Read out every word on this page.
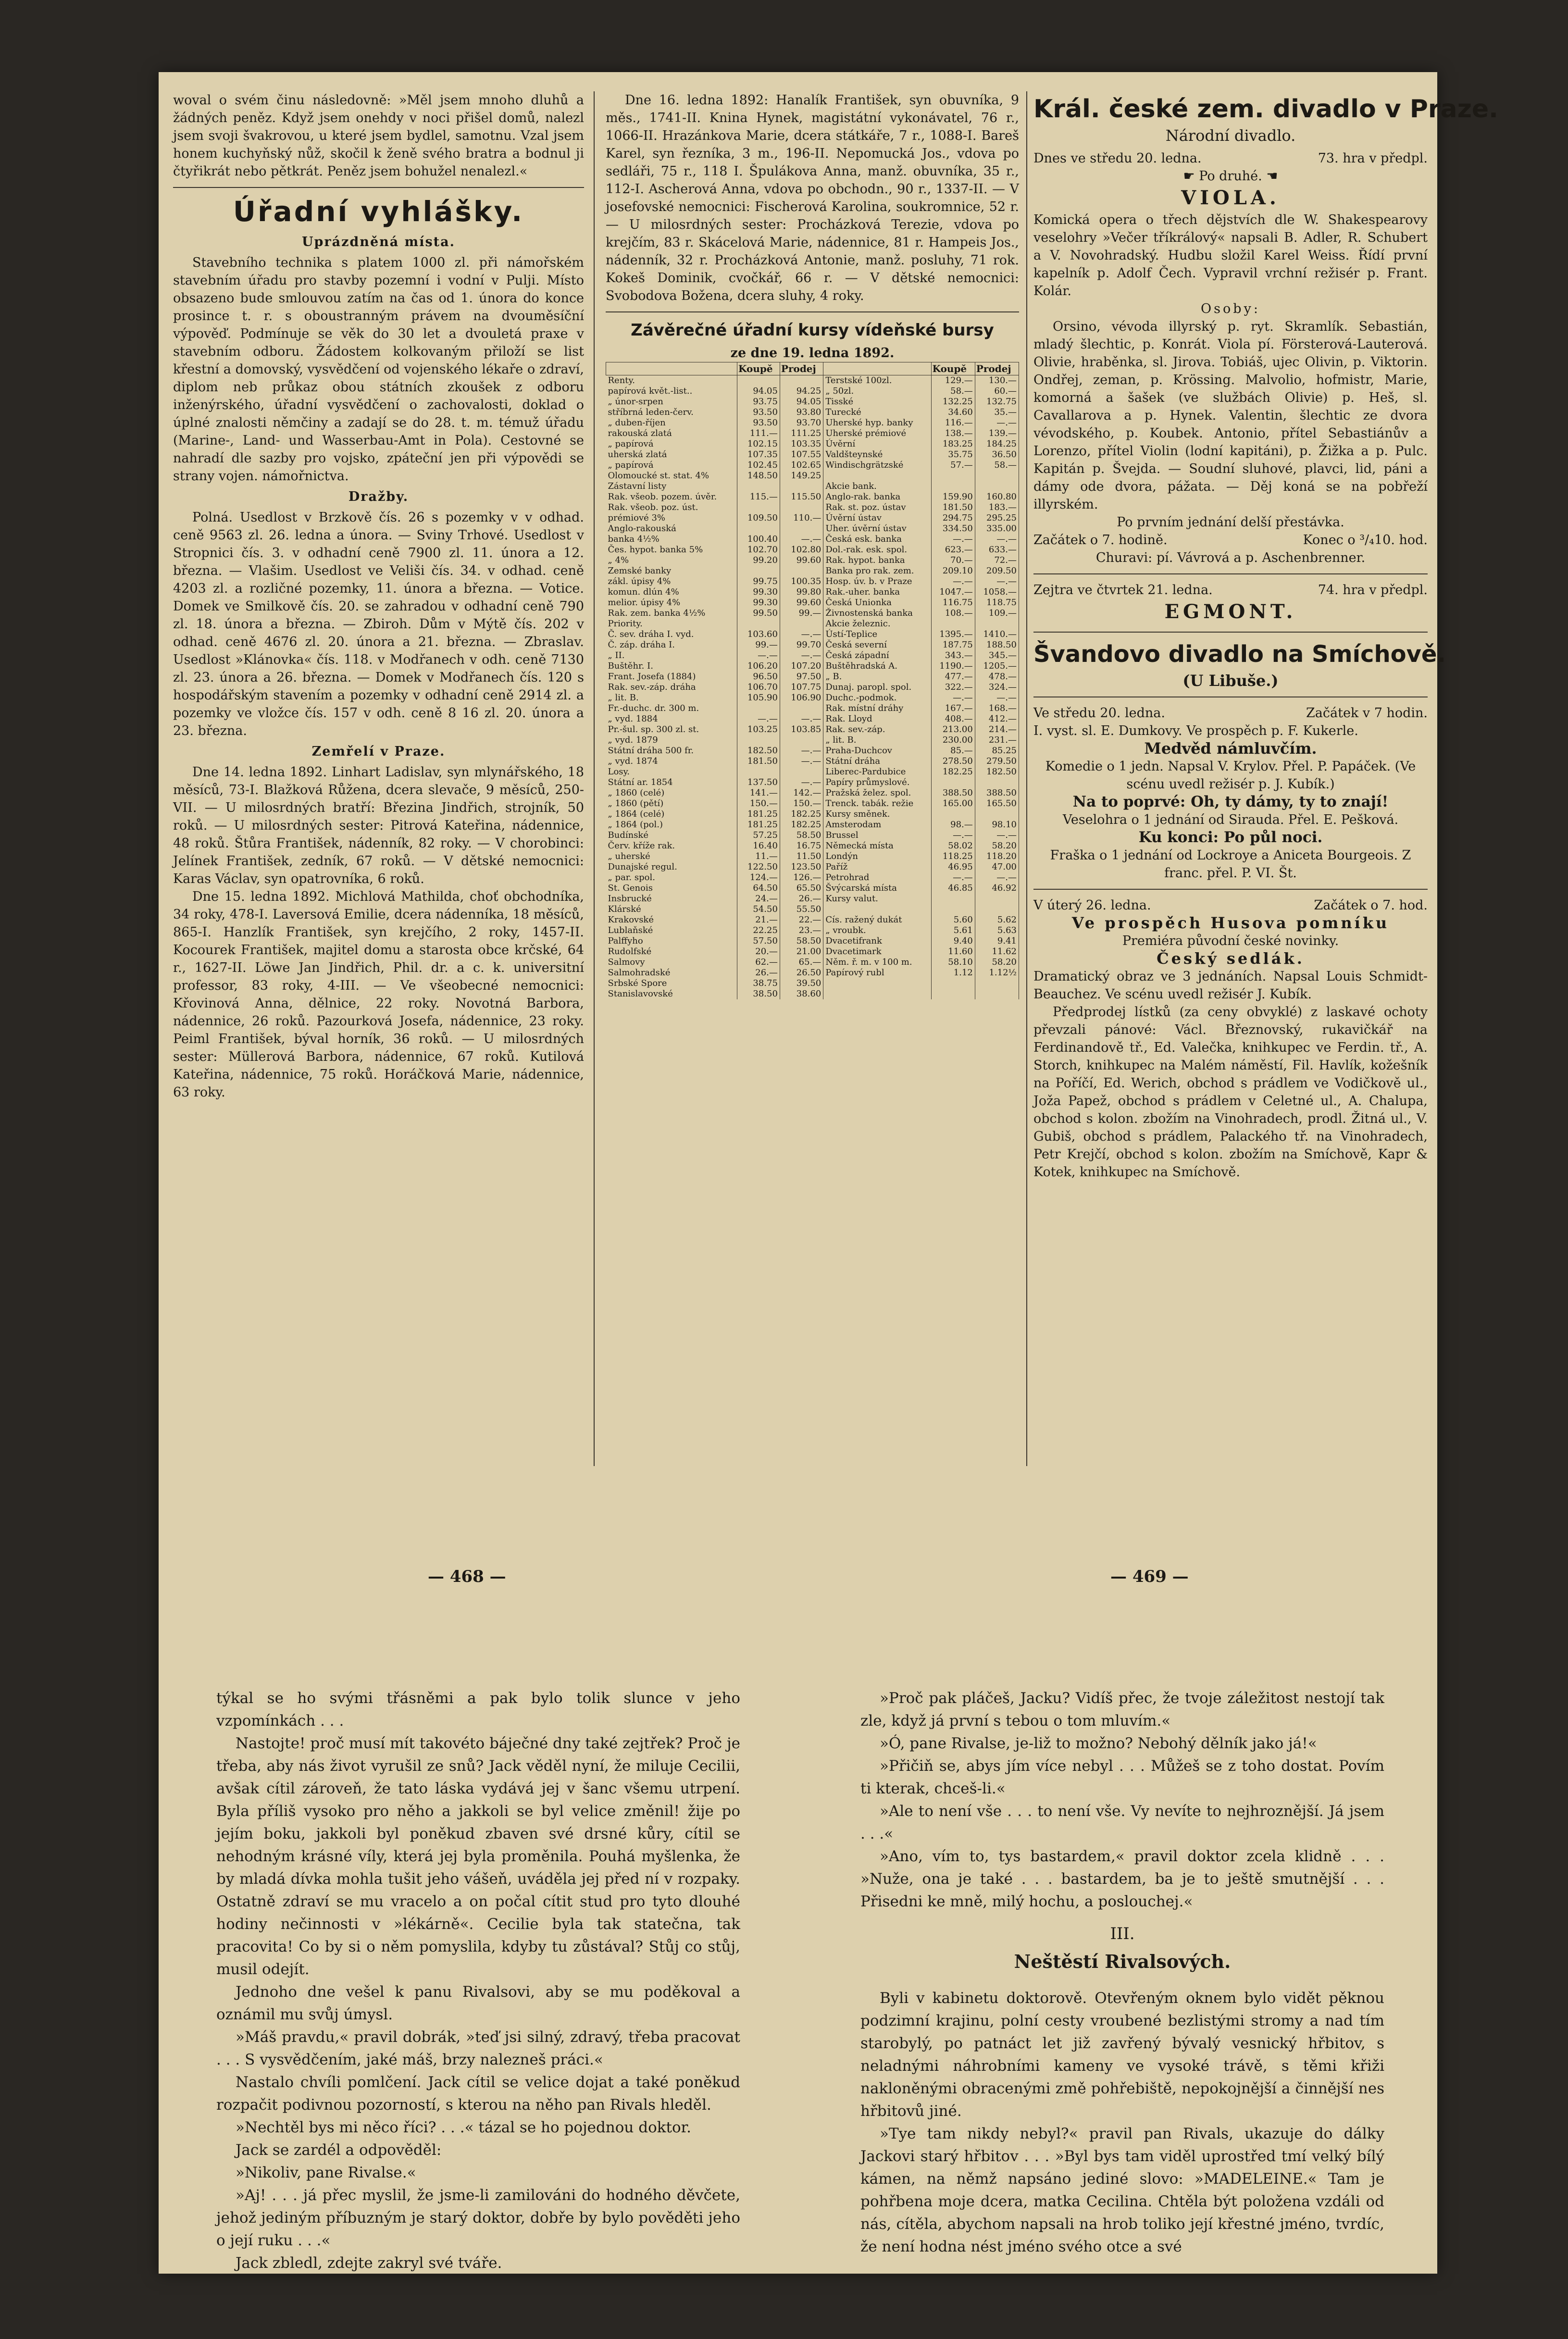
woval o svém činu následovně: »Měl jsem mnoho dluhů a žádných peněz. Když jsem onehdy v noci přišel domů, nalezl jsem svoji švakrovou, u které jsem bydlel, samotnu. Vzal jsem honem kuchyňský nůž, skočil k ženě svého bratra a bodnul ji čtyřikrát nebo pětkrát. Peněz jsem bohužel nenalezl.«

Úřadní vyhlášky.
Uprázdněná místa.

Stavebního technika s platem 1000 zl. při námořském stavebním úřadu pro stavby pozemní i vodní v Pulji. Místo obsazeno bude smlouvou zatím na čas od 1. února do konce prosince t. r. s oboustranným právem na dvouměsíční výpověď. Podmínuje se věk do 30 let a dvouletá praxe v stavebním odboru. Žádostem kolkovaným přiloží se list křestní a domovský, vysvědčení od vojenského lékaře o zdraví, diplom neb průkaz obou státních zkoušek z odboru inženýrského, úřadní vysvědčení o zachovalosti, doklad o úplné znalosti němčiny a zadají se do 28. t. m. témuž úřadu (Marine-, Land- und Wasserbau-Amt in Pola). Cestovné se nahradí dle sazby pro vojsko, zpáteční jen při výpovědi se strany vojen. námořnictva.

Dražby.

Polná. Usedlost v Brzkově čís. 26 s pozemky v v odhad. ceně 9563 zl. 26. ledna a února. — Sviny Trhové. Usedlost v Stropnici čís. 3. v odhadní ceně 7900 zl. 11. února a 12. března. — Vlašim. Usedlost ve Veliši čís. 34. v odhad. ceně 4203 zl. a rozličné pozemky, 11. února a března. — Votice. Domek ve Smilkově čís. 20. se zahradou v odhadní ceně 790 zl. 18. února a března. — Zbiroh. Dům v Mýtě čís. 202 v odhad. ceně 4676 zl. 20. února a 21. března. — Zbraslav. Usedlost »Klánovka« čís. 118. v Modřanech v odh. ceně 7130 zl. 23. února a 26. března. — Domek v Modřanech čís. 120 s hospodářským stavením a pozemky v odhadní ceně 2914 zl. a pozemky ve vložce čís. 157 v odh. ceně 8 16 zl. 20. února a 23. března.

Zemřelí v Praze.

Dne 14. ledna 1892. Linhart Ladislav, syn mlynářského, 18 měsíců, 73-I. Blažková Růžena, dcera slevače, 9 měsíců, 250-VII. — U milosrdných bratří: Březina Jindřich, strojník, 50 roků. — U milosrdných sester: Pitrová Kateřina, nádennice, 48 roků. Štůra František, nádenník, 82 roky. — V chorobinci: Jelínek František, zedník, 67 roků. — V dětské nemocnici: Karas Václav, syn opatrovníka, 6 roků.

Dne 15. ledna 1892. Michlová Mathilda, choť obchodníka, 34 roky, 478-I. Laversová Emilie, dcera nádenníka, 18 měsíců, 865-I. Hanzlík František, syn krejčího, 2 roky, 1457-II. Kocourek František, majitel domu a starosta obce krčské, 64 r., 1627-II. Löwe Jan Jindřich, Phil. dr. a c. k. universitní professor, 83 roky, 4-III. — Ve všeobecné nemocnici: Křovinová Anna, dělnice, 22 roky. Novotná Barbora, nádennice, 26 roků. Pazourková Josefa, nádennice, 23 roky. Peiml František, býval horník, 36 roků. — U milosrdných sester: Müllerová Barbora, nádennice, 67 roků. Kutilová Kateřina, nádennice, 75 roků. Horáčková Marie, nádennice, 63 roky.

Dne 16. ledna 1892: Hanalík František, syn obuvníka, 9 měs., 1741-II. Knina Hynek, magistátní vykonávatel, 76 r., 1066-II. Hrazánkova Marie, dcera státkáře, 7 r., 1088-I. Bareš Karel, syn řezníka, 3 m., 196-II. Nepomucká Jos., vdova po sedláři, 75 r., 118 I. Špulákova Anna, manž. obuvníka, 35 r., 112-I. Ascherová Anna, vdova po obchodn., 90 r., 1337-II. — V josefovské nemocnici: Fischerová Karolina, soukromnice, 52 r. — U milosrdných sester: Procházková Terezie, vdova po krejčím, 83 r. Skácelová Marie, nádennice, 81 r. Hampeis Jos., nádenník, 32 r. Procházková Antonie, manž. posluhy, 71 rok. Kokeš Dominik, cvočkář, 66 r. — V dětské nemocnici: Svobodova Božena, dcera sluhy, 4 roky.

Závěrečné úřadní kursy vídeňské bursy
ze dne 19. ledna 1892.
	Koupě	Prodej		Koupě	Prodej
Renty.			Terstské 100zl.	129.—	130.—
papírová květ.-list..	94.05	94.25	„ 50zl.	58.—	60.—
„ únor-srpen	93.75	94.05	Tisské	132.25	132.75
stříbrná leden-červ.	93.50	93.80	Turecké	34.60	35.—
„ duben-říjen	93.50	93.70	Uherské hyp. banky	116.—	—.—
rakouská zlatá	111.—	111.25	Uherské prémiové	138.—	139.—
„ papírová	102.15	103.35	Úvěrní	183.25	184.25
uherská zlatá	107.35	107.55	Valdšteynské	35.75	36.50
„ papírová	102.45	102.65	Windischgrätzské	57.—	58.—
Olomoucké st. stat. 4%	148.50	149.25			
Zástavní listy			Akcie bank.		
Rak. všeob. pozem. úvěr.	115.—	115.50	Anglo-rak. banka	159.90	160.80
Rak. všeob. poz. úst.			Rak. st. poz. ústav	181.50	183.—
prémiové 3%	109.50	110.—	Úvěrní ústav	294.75	295.25
Anglo-rakouská			Uher. úvěrní ústav	334.50	335.00
banka 4½%	100.40	—.—	Česká esk. banka	—.—	—.—
Čes. hypot. banka 5%	102.70	102.80	Dol.-rak. esk. spol.	623.—	633.—
„ 4%	99.20	99.60	Rak. hypot. banka	70.—	72.—
Zemské banky			Banka pro rak. zem.	209.10	209.50
zákl. úpisy 4%	99.75	100.35	Hosp. úv. b. v Praze	—.—	—.—
komun. dlún 4%	99.30	99.80	Rak.-uher. banka	1047.—	1058.—
melior. úpisy 4%	99.30	99.60	Česká Unionka	116.75	118.75
Rak. zem. banka 4½%	99.50	99.—	Živnostenská banka	108.—	109.—
Priority.			Akcie železnic.		
Č. sev. dráha I. vyd.	103.60	—.—	Ústí-Teplice	1395.—	1410.—
Č. záp. dráha I.	99.—	99.70	Česká severní	187.75	188.50
„ II.	—.—	—.—	Česká západní	343.—	345.—
Buštěhr. I.	106.20	107.20	Buštěhradská A.	1190.—	1205.—
Frant. Josefa (1884)	96.50	97.50	„ B.	477.—	478.—
Rak. sev.-záp. dráha	106.70	107.75	Dunaj. paropl. spol.	322.—	324.—
„ lit. B.	105.90	106.90	Duchc.-podmok.	—.—	—.—
Fr.-duchc. dr. 300 m.			Rak. místní dráhy	167.—	168.—
„ vyd. 1884	—.—	—.—	Rak. Lloyd	408.—	412.—
Pr.-šul. sp. 300 zl. st.	103.25	103.85	Rak. sev.-záp.	213.00	214.—
„ vyd. 1879			„ lit. B.	230.00	231.—
Státní dráha 500 fr.	182.50	—.—	Praha-Duchcov	85.—	85.25
„ vyd. 1874	181.50	—.—	Státní dráha	278.50	279.50
Losy.			Liberec-Pardubice	182.25	182.50
Státní ar. 1854	137.50	—.—	Papíry průmyslové.		
„ 1860 (celé)	141.—	142.—	Pražská želez. spol.	388.50	388.50
„ 1860 (pětí)	150.—	150.—	Trenck. tabák. režie	165.00	165.50
„ 1864 (celé)	181.25	182.25	Kursy směnek.		
„ 1864 (pol.)	181.25	182.25	Amsterodam	98.—	98.10
Budínské	57.25	58.50	Brussel	—.—	—.—
Červ. kříže rak.	16.40	16.75	Německá místa	58.02	58.20
„ uherské	11.—	11.50	Londýn	118.25	118.20
Dunajské regul.	122.50	123.50	Paříž	46.95	47.00
„ par. spol.	124.—	126.—	Petrohrad	—.—	—.—
St. Genois	64.50	65.50	Švýcarská místa	46.85	46.92
Insbrucké	24.—	26.—	Kursy valut.		
Klárské	54.50	55.50			
Krakovské	21.—	22.—	Cís. ražený dukát	5.60	5.62
Lublaňské	22.25	23.—	„ vroubk.	5.61	5.63
Palffyho	57.50	58.50	Dvacetifrank	9.40	9.41
Rudolfské	20.—	21.00	Dvacetimark	11.60	11.62
Salmovy	62.—	65.—	Něm. ř. m. v 100 m.	58.10	58.20
Salmohradské	26.—	26.50	Papírový rubl	1.12	1.12½
Srbské Spore	38.75	39.50			
Stanislavovské	38.50	38.60			
Král. české zem. divadlo v Praze.
Národní divadlo.
Dnes ve středu 20. ledna.	73. hra v předpl.
☛ Po druhé. ☚
VIOLA.

Komická opera o třech dějstvích dle W. Shakespearovy veselohry »Večer tříkrálový« napsali B. Adler, R. Schubert a V. Novohradský. Hudbu složil Karel Weiss. Řídí první kapelník p. Adolf Čech. Vypravil vrchní režisér p. Frant. Kolár.

Osoby:

Orsino, vévoda illyrský p. ryt. Skramlík. Sebastián, mladý šlechtic, p. Konrát. Viola pí. Försterová-Lauterová. Olivie, hraběnka, sl. Jirova. Tobiáš, ujec Olivin, p. Viktorin. Ondřej, zeman, p. Krössing. Malvolio, hofmistr, Marie, komorná a šašek (ve službách Olivie) p. Heš, sl. Cavallarova a p. Hynek. Valentin, šlechtic ze dvora vévodského, p. Koubek. Antonio, přítel Sebastiánův a Lorenzo, přítel Violin (lodní kapitáni), p. Žižka a p. Pulc. Kapitán p. Švejda. — Soudní sluhové, plavci, lid, páni a dámy ode dvora, pážata. — Děj koná se na pobřeží illyrském.

Po prvním jednání delší přestávka.
Začátek o 7. hodině.	Konec o ³/₄10. hod.
Churavi: pí. Vávrová a p. Aschenbrenner.
Zejtra ve čtvrtek 21. ledna.	74. hra v předpl.
EGMONT.
Švandovo divadlo na Smíchově.
(U Libuše.)
Ve středu 20. ledna.	Začátek v 7 hodin.
I. vyst. sl. E. Dumkovy. Ve prospěch p. F. Kukerle.
Medvěd námluvčím.
Komedie o 1 jedn. Napsal V. Krylov. Přel. P. Papáček. (Ve scénu uvedl režisér p. J. Kubík.)
Na to poprvé: Oh, ty dámy, ty to znají!
Veselohra o 1 jednání od Sirauda. Přel. E. Pešková.
Ku konci: Po půl noci.
Fraška o 1 jednání od Lockroye a Aniceta Bourgeois. Z franc. přel. P. VI. Št.
V úterý 26. ledna.	Začátek o 7. hod.
Ve prospěch Husova pomníku
Premiéra původní české novinky.
Český sedlák.

Dramatický obraz ve 3 jednáních. Napsal Louis Schmidt-Beauchez. Ve scénu uvedl režisér J. Kubík.

Předprodej lístků (za ceny obvyklé) z laskavé ochoty převzali pánové: Václ. Březnovský, rukavičkář na Ferdinandově tř., Ed. Valečka, knihkupec ve Ferdin. tř., A. Storch, knihkupec na Malém náměstí, Fil. Havlík, kožešník na Poříčí, Ed. Werich, obchod s prádlem ve Vodičkově ul., Joža Papež, obchod s prádlem v Celetné ul., A. Chalupa, obchod s kolon. zbožím na Vinohradech, prodl. Žitná ul., V. Gubiš, obchod s prádlem, Palackého tř. na Vinohradech, Petr Krejčí, obchod s kolon. zbožím na Smíchově, Kapr & Kotek, knihkupec na Smíchově.

— 468 —	— 469 —

týkal se ho svými třásněmi a pak bylo tolik slunce v jeho vzpomínkách . . .

Nastojte! proč musí mít takovéto báječné dny také zejtřek? Proč je třeba, aby nás život vyrušil ze snů? Jack věděl nyní, že miluje Cecilii, avšak cítil zároveň, že tato láska vydává jej v šanc všemu utrpení. Byla příliš vysoko pro něho a jakkoli se byl velice změnil! žije po jejím boku, jakkoli byl poněkud zbaven své drsné kůry, cítil se nehodným krásné víly, která jej byla proměnila. Pouhá myšlenka, že by mladá dívka mohla tušit jeho vášeň, uváděla jej před ní v rozpaky. Ostatně zdraví se mu vracelo a on počal cítit stud pro tyto dlouhé hodiny nečinnosti v »lékárně«. Cecilie byla tak statečna, tak pracovita! Co by si o něm pomyslila, kdyby tu zůstával? Stůj co stůj, musil odejít.

Jednoho dne vešel k panu Rivalsovi, aby se mu poděkoval a oznámil mu svůj úmysl.

»Máš pravdu,« pravil dobrák, »teď jsi silný, zdravý, třeba pracovat . . . S vysvědčením, jaké máš, brzy nalezneš práci.«

Nastalo chvíli pomlčení. Jack cítil se velice dojat a také poněkud rozpačit podivnou pozorností, s kterou na něho pan Rivals hleděl.

»Nechtěl bys mi něco říci? . . .« tázal se ho pojednou doktor.

Jack se zardél a odpověděl:

»Nikoliv, pane Rivalse.«

»Aj! . . . já přec myslil, že jsme-li zamilováni do hodného děvčete, jehož jediným příbuzným je starý doktor, dobře by bylo pověděti jeho o její ruku . . .«

Jack zbledl, zdejte zakryl své tváře.

»Proč pak pláčeš, Jacku? Vidíš přec, že tvoje záležitost nestojí tak zle, když já první s tebou o tom mluvím.«

»Ó, pane Rivalse, je-liž to možno? Nebohý dělník jako já!«

»Přičiň se, abys jím více nebyl . . . Můžeš se z toho dostat. Povím ti kterak, chceš-li.«

»Ale to není vše . . . to není vše. Vy nevíte to nejhroznější. Já jsem . . .«

»Ano, vím to, tys bastardem,« pravil doktor zcela klidně . . . »Nuže, ona je také . . . bastardem, ba je to ještě smutnější . . . Přisedni ke mně, milý hochu, a poslouchej.«

III.
Neštěstí Rivalsových.

Byli v kabinetu doktorově. Otevřeným oknem bylo vidět pěknou podzimní krajinu, polní cesty vroubené bezlistými stromy a nad tím starobylý, po patnáct let již zavřený bývalý vesnický hřbitov, s neladnými náhrobními kameny ve vysoké trávě, s těmi křiži nakloněnými obracenými změ pohřebiště, nepokojnější a činnější nes hřbitovů jiné.

»Tye tam nikdy nebyl?« pravil pan Rivals, ukazuje do dálky Jackovi starý hřbitov . . . »Byl bys tam viděl uprostřed tmí velký bílý kámen, na němž napsáno jediné slovo: »MADELEINE.« Tam je pohřbena moje dcera, matka Cecilina. Chtěla být položena vzdáli od nás, cítěla, abychom napsali na hrob toliko její křestné jméno, tvrdíc, že není hodna nést jméno svého otce a své
